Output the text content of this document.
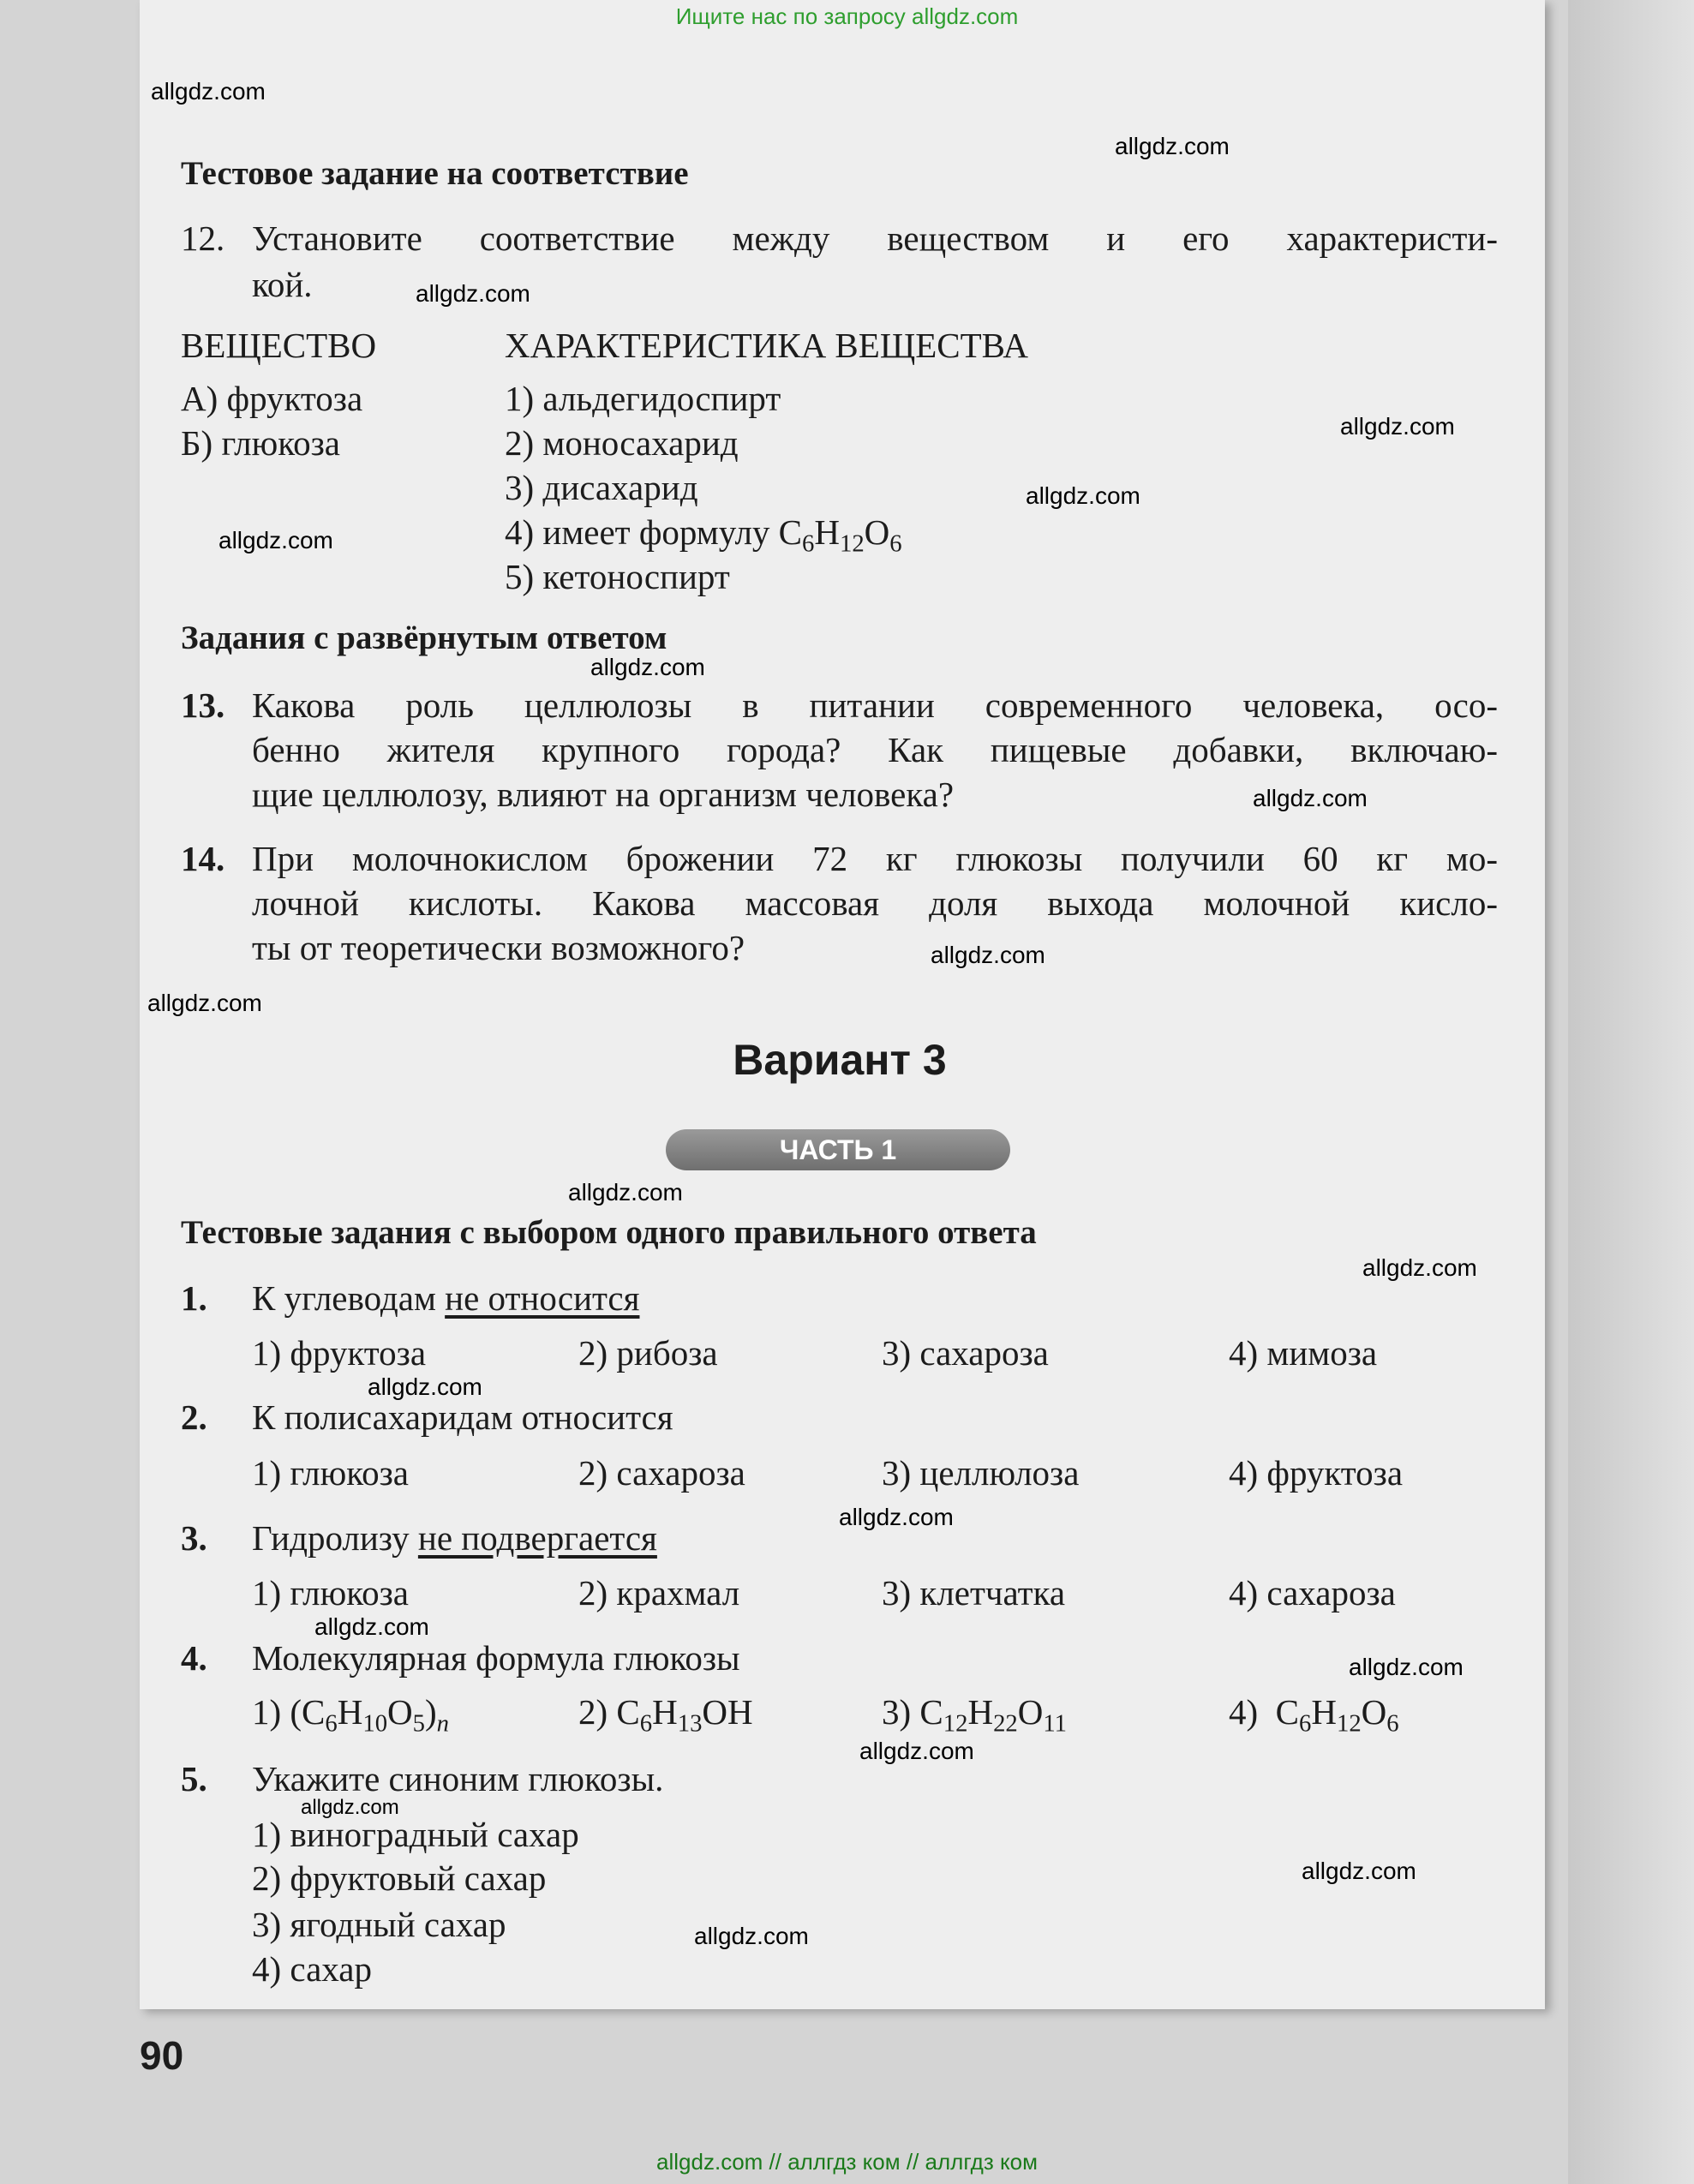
Ищите нас по запросу allgdz.com
Тестовое задание на соответствие
12. Установите соответствие между веществом и его характеристи-
кой.
ВЕЩЕСТВО	ХАРАКТЕРИСТИКА ВЕЩЕСТВА
А) фруктоза
Б) глюкоза
1) альдегидоспирт
2) моносахарид
3) дисахарид
4) имеет формулу $C_6H_{12}O_6$
5) кетоноспирт
Задания с развёрнутым ответом
13. Какова роль целлюлозы в питании современного человека, осо-
бенно жителя крупного города? Как пищевые добавки, включаю-
щие целлюлозу, влияют на организм человека?
14. При молочнокислом брожении 72 кг глюкозы получили 60 кг мо-
лочной кислоты. Какова массовая доля выхода молочной кисло-
ты от теоретически возможного?
Вариант 3
ЧАСТЬ 1
Тестовые задания с выбором одного правильного ответа
1. К углеводам не относится
1) фруктоза	2) рибоза	3) сахароза	4) мимоза
2. К полисахаридам относится
1) глюкоза	2) сахароза	3) целлюлоза	4) фруктоза
3. Гидролизу не подвергается
1) глюкоза	2) крахмал	3) клетчатка	4) сахароза
4. Молекулярная формула глюкозы
1) $(C_6H_{10}O_5)_n$	2) $C_6H_{13}OH$	3) $C_{12}H_{22}O_{11}$	4)  $C_6H_{12}O_6$
5. Укажите синоним глюкозы.
1) виноградный сахар
2) фруктовый сахар
3) ягодный сахар
4) сахар
90
allgdz.com
allgdz.com
allgdz.com
allgdz.com
allgdz.com
allgdz.com
allgdz.com
allgdz.com
allgdz.com
allgdz.com
allgdz.com
allgdz.com
allgdz.com
allgdz.com
allgdz.com
allgdz.com
allgdz.com
allgdz.com
allgdz.com
allgdz.com
allgdz.com // аллгдз ком // аллгдз ком
